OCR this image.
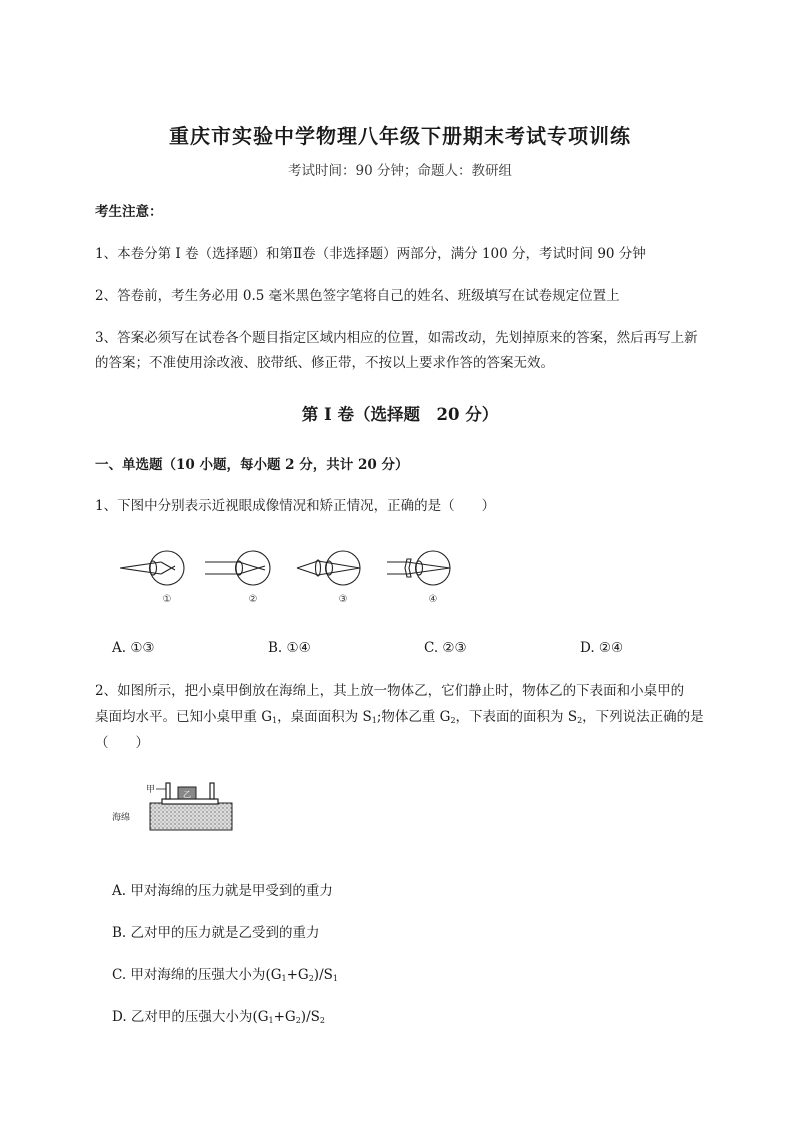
重庆市实验中学物理八年级下册期末考试专项训练
考试时间：90 分钟；命题人：教研组
考生注意：
1、本卷分第 I 卷（选择题）和第Ⅱ卷（非选择题）两部分，满分 100 分，考试时间 90 分钟
2、答卷前，考生务必用 0.5 毫米黑色签字笔将自己的姓名、班级填写在试卷规定位置上
3、答案必须写在试卷各个题目指定区域内相应的位置，如需改动，先划掉原来的答案，然后再写上新
的答案；不准使用涂改液、胶带纸、修正带，不按以上要求作答的答案无效。
第 I 卷（选择题　20 分）
一、单选题（10 小题，每小题 2 分，共计 20 分）
1、下图中分别表示近视眼成像情况和矫正情况，正确的是（　　）
①	②	③	④
A. ①③	B. ①④	C. ②③	D. ②④
2、如图所示，把小桌甲倒放在海绵上，其上放一物体乙，它们静止时，物体乙的下表面和小桌甲的
桌面均水平。已知小桌甲重 $G_1$，桌面面积为 $S_1$;物体乙重 $G_2$，下表面的面积为 $S_2$，下列说法正确的是
（　　）
乙
甲
海绵
A. 甲对海绵的压力就是甲受到的重力
B. 乙对甲的压力就是乙受到的重力
C. 甲对海绵的压强大小为$(G_1+G_2)/S_1$
D. 乙对甲的压强大小为$(G_1+G_2)/S_2$
